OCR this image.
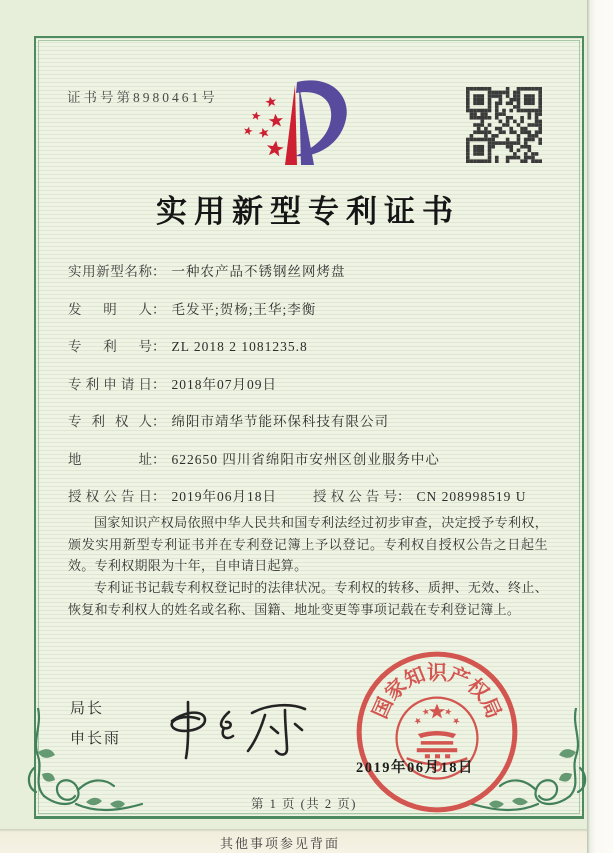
证书号第8980461号
实用新型专利证书
实用新型名称： 一种农产品不锈钢丝网烤盘
发明人： 毛发平;贺杨;王华;李衡
专利号： ZL 2018 2 1081235.8
专利申请日： 2018年07月09日
专利权人： 绵阳市靖华节能环保科技有限公司
地址： 622650 四川省绵阳市安州区创业服务中心
授权公告日： 2019年06月18日	授权公告号： CN 208998519 U

国家知识产权局依照中华人民共和国专利法经过初步审查，决定授予专利权，颁发实用新型专利证书并在专利登记簿上予以登记。专利权自授权公告之日起生效。专利权期限为十年，自申请日起算。

专利证书记载专利权登记时的法律状况。专利权的转移、质押、无效、终止、恢复和专利权人的姓名或名称、国籍、地址变更等事项记载在专利登记簿上。

局长
申长雨
国
家
知
识
产
权
局
2019年06月18日
第 1 页 (共 2 页)
其他事项参见背面
